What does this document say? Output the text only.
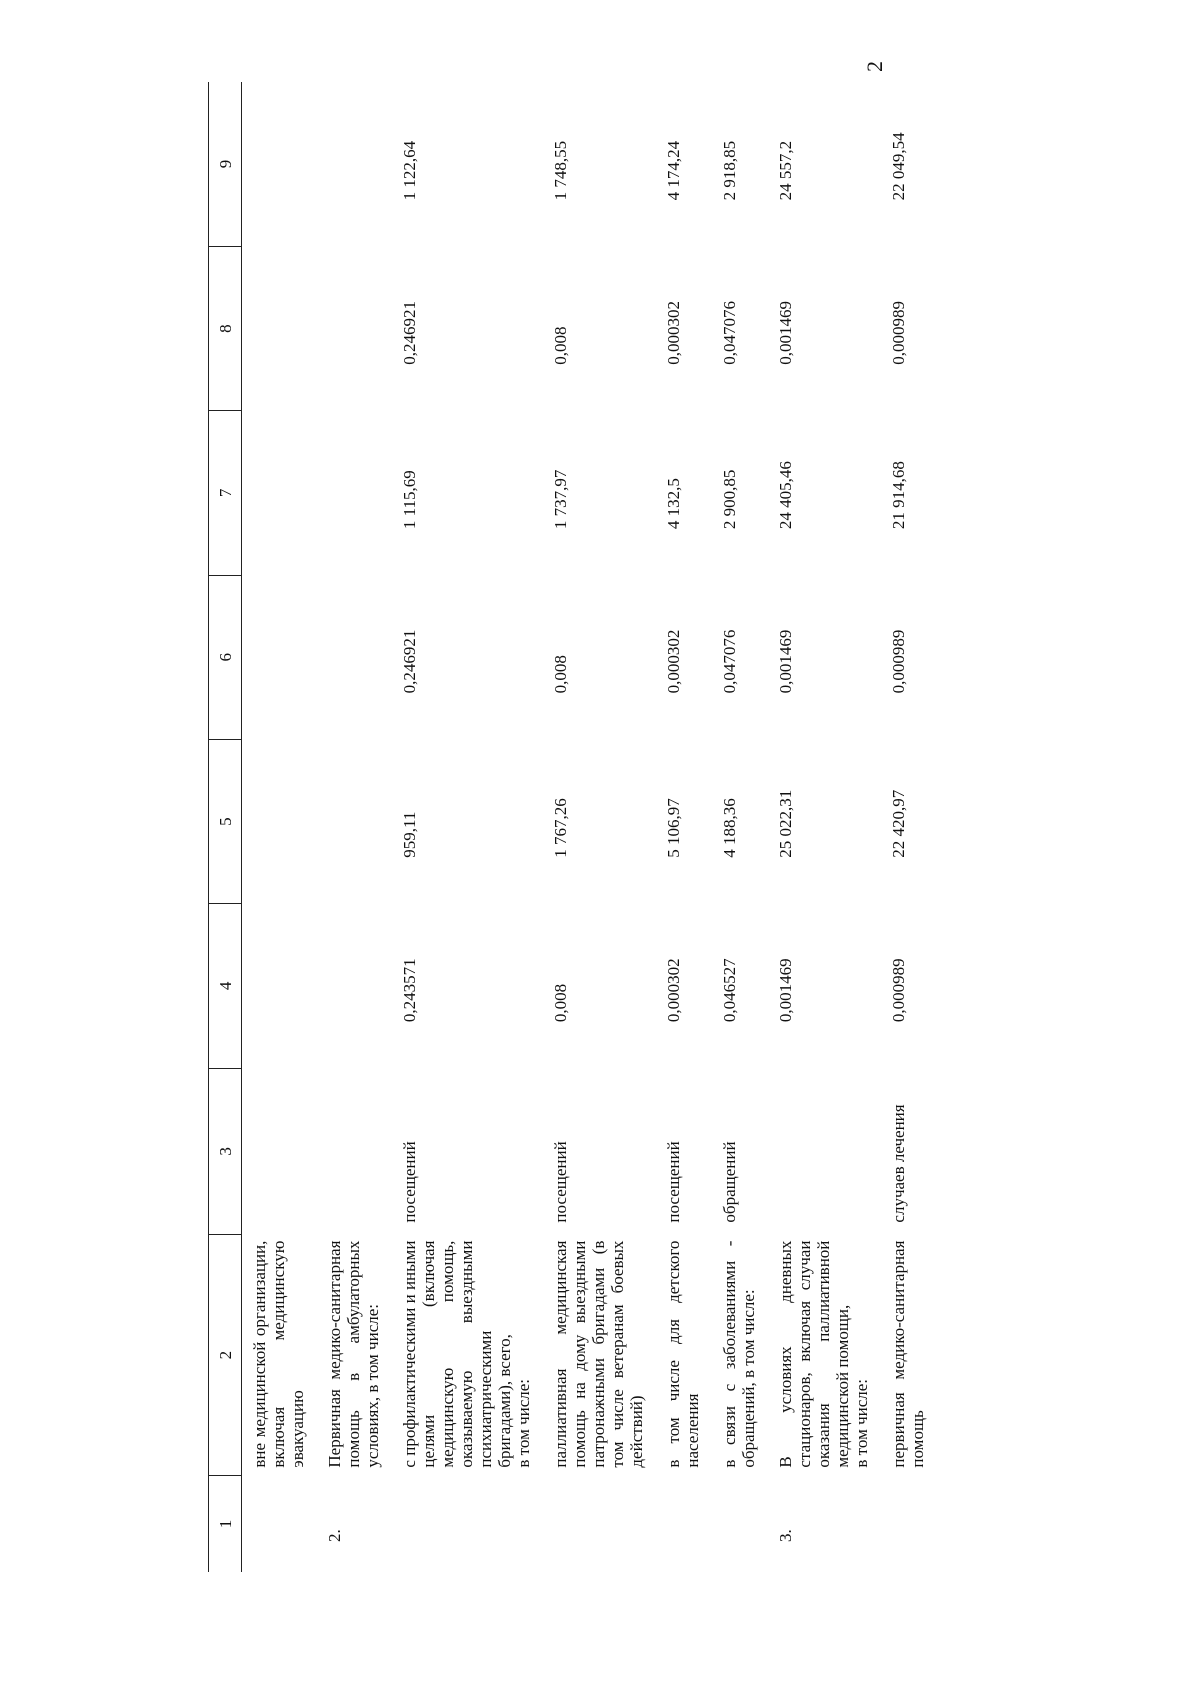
2
1	2	3	4	5	6	7	8	9
	вне медицинской организации, включая медицинскую эвакуацию							
2.	Первичная медико-санитарная помощь в амбулаторных условиях, в том числе:							

	с профилактическими и иными целями (включая медицинскую помощь, оказываемую выездными психиатрическими бригадами), всего, в том числе:	посещений	0,243571	959,11	0,246921	1 115,69	0,246921	1 122,64
	паллиативная медицинская помощь на дому выездными патронажными бригадами (в том числе ветеранам боевых действий)	посещений	0,008	1 767,26	0,008	1 737,97	0,008	1 748,55
	в том числе для детского населения	посещений	0,000302	5 106,97	0,000302	4 132,5	0,000302	4 174,24
	в связи с заболеваниями - обращений, в том числе:	обращений	0,046527	4 188,36	0,047076	2 900,85	0,047076	2 918,85
3.	В условиях дневных стационаров, включая случаи оказания паллиативной медицинской помощи, в том числе:		0,001469	25 022,31	0,001469	24 405,46	0,001469	24 557,2
	первичная медико-санитарная помощь	случаев лечения	0,000989	22 420,97	0,000989	21 914,68	0,000989	22 049,54
